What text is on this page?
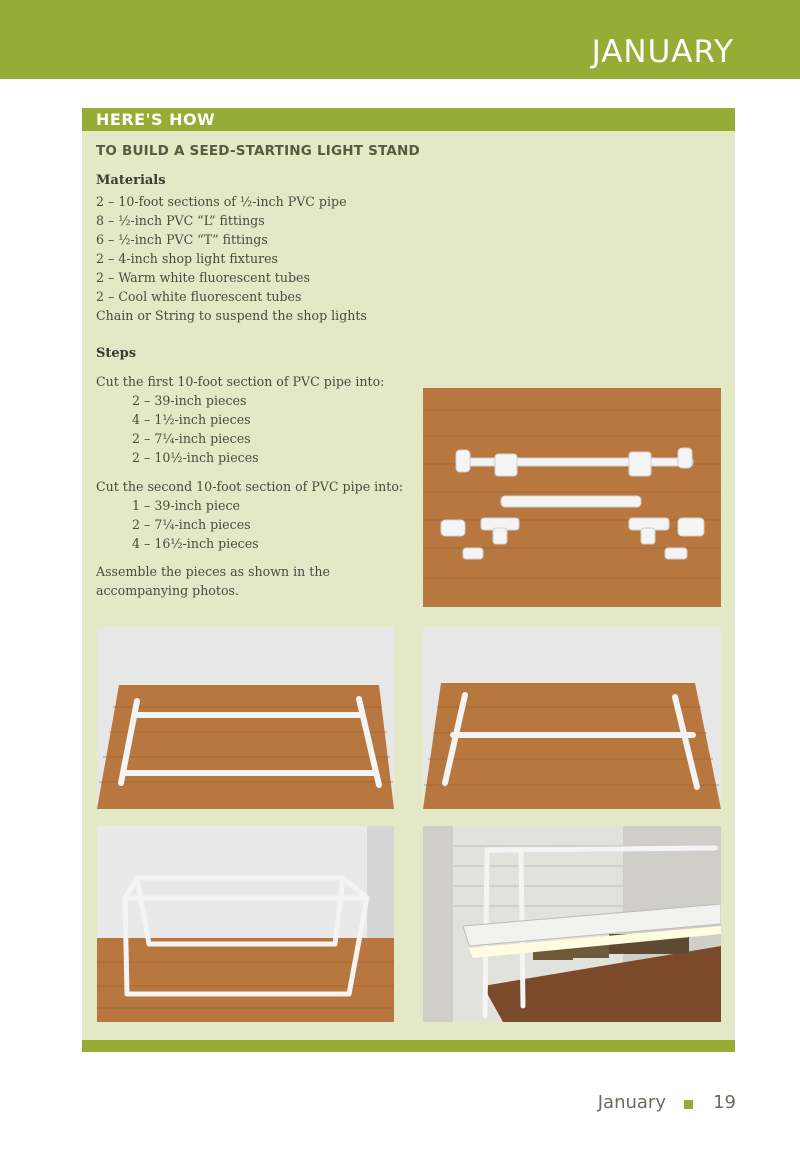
JANUARY
HERE'S HOW
TO BUILD A SEED-STARTING LIGHT STAND
Materials
2 – 10-foot sections of ½-inch PVC pipe
8 – ½-inch PVC “L” fittings
6 – ½-inch PVC “T” fittings
2 – 4-inch shop light fixtures
2 – Warm white fluorescent tubes
2 – Cool white fluorescent tubes
Chain or String to suspend the shop lights
Steps
Cut the first 10-foot section of PVC pipe into:
2 – 39-inch pieces
4 – 1½-inch pieces
2 – 7¼-inch pieces
2 – 10½-inch pieces
Cut the second 10-foot section of PVC pipe into:
1 – 39-inch piece
2 – 7¼-inch pieces
4 – 16½-inch pieces
Assemble the pieces as shown in the
accompanying photos.
January	19
